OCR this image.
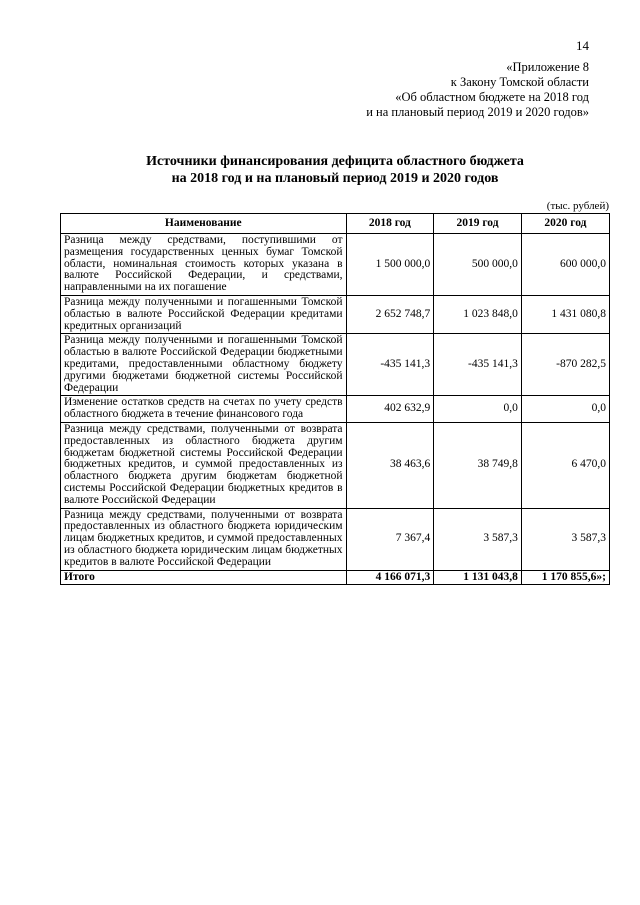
14
«Приложение 8
к Закону Томской области
«Об областном бюджете на 2018 год
и на плановый период 2019 и 2020 годов»
Источники финансирования дефицита областного бюджета
на 2018 год и на плановый период 2019 и 2020 годов
(тыс. рублей)
Наименование	2018 год	2019 год	2020 год
Разница между средствами, поступившими от размещения государственных ценных бумаг Томской области, номинальная стоимость которых указана в валюте Российской Федерации, и средствами, направленными на их погашение	1 500 000,0	500 000,0	600 000,0
Разница между полученными и погашенными Томской областью в валюте Российской Федерации кредитами кредитных организаций	2 652 748,7	1 023 848,0	1 431 080,8
Разница между полученными и погашенными Томской областью в валюте Российской Федерации бюджетными кредитами, предоставленными областному бюджету другими бюджетами бюджетной системы Российской Федерации	-435 141,3	-435 141,3	-870 282,5
Изменение остатков средств на счетах по учету средств областного бюджета в течение финансового года	402 632,9	0,0	0,0
Разница между средствами, полученными от возврата предоставленных из областного бюджета другим бюджетам бюджетной системы Российской Федерации бюджетных кредитов, и суммой предоставленных из областного бюджета другим бюджетам бюджетной системы Российской Федерации бюджетных кредитов в валюте Российской Федерации	38 463,6	38 749,8	6 470,0
Разница между средствами, полученными от возврата предоставленных из областного бюджета юридическим лицам бюджетных кредитов, и суммой предоставленных из областного бюджета юридическим лицам бюджетных кредитов в валюте Российской Федерации	7 367,4	3 587,3	3 587,3
Итого	4 166 071,3	1 131 043,8	1 170 855,6»;
